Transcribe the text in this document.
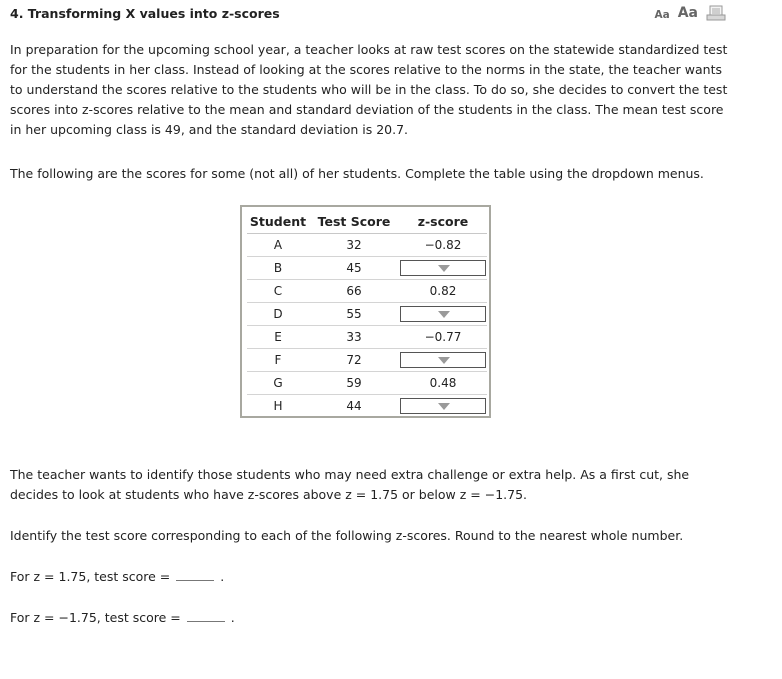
4. Transforming X values into z-scores	Aa Aa

In preparation for the upcoming school year, a teacher looks at raw test scores on the statewide standardized test for the students in her class. Instead of looking at the scores relative to the norms in the state, the teacher wants to understand the scores relative to the students who will be in the class. To do so, she decides to convert the test scores into z-scores relative to the mean and standard deviation of the students in the class. The mean test score in her upcoming class is 49, and the standard deviation is 20.7.

The following are the scores for some (not all) of her students. Complete the table using the dropdown menus.

Student	Test Score	z-score
A	32	−0.82
B	45	

C	66	0.82
D	55	

E	33	−0.77
F	72	

G	59	0.48
H	44	

The teacher wants to identify those students who may need extra challenge or extra help. As a first cut, she decides to look at students who have z-scores above z = 1.75 or below z = −1.75.

Identify the test score corresponding to each of the following z-scores. Round to the nearest whole number.

For z = 1.75, test score =	.

For z = −1.75, test score =	.
